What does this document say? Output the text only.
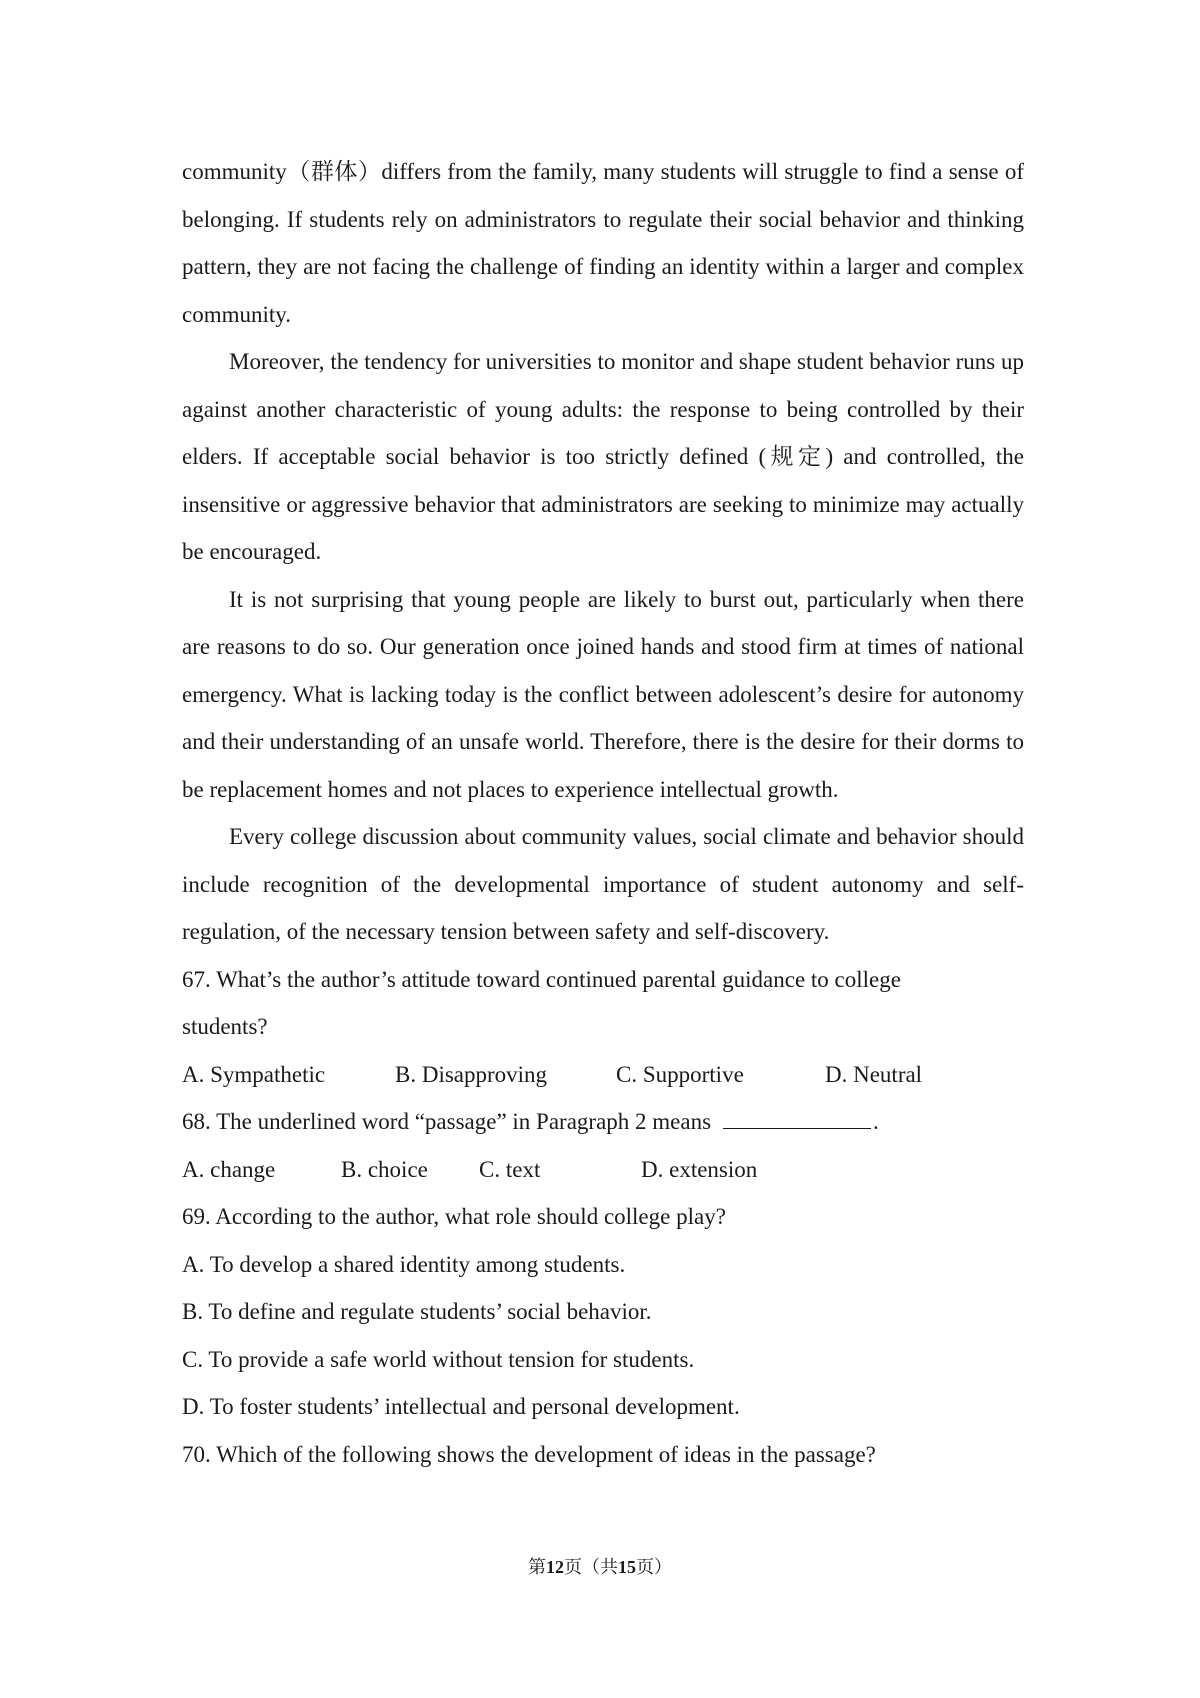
community（群体）differs from the family, many students will struggle to find a sense of belonging. If students rely on administrators to regulate their social behavior and thinking pattern, they are not facing the challenge of finding an identity within a larger and complex community.

Moreover, the tendency for universities to monitor and shape student behavior runs up against another characteristic of young adults: the response to being controlled by their elders. If acceptable social behavior is too strictly defined (规定) and controlled, the insensitive or aggressive behavior that administrators are seeking to minimize may actually be encouraged.

It is not surprising that young people are likely to burst out, particularly when there are reasons to do so. Our generation once joined hands and stood firm at times of national emergency. What is lacking today is the conflict between adolescent’s desire for autonomy and their understanding of an unsafe world. Therefore, there is the desire for their dorms to be replacement homes and not places to experience intellectual growth.

Every college discussion about community values, social climate and behavior should include recognition of the developmental importance of student autonomy and self-regulation, of the necessary tension between safety and self-discovery.

67. What’s the author’s attitude toward continued parental guidance to college

students?

A. Sympathetic	B. Disapproving	C. Supportive	D. Neutral

68. The underlined word “passage” in Paragraph 2 means	.

A. change	B. choice	C. text	D. extension

69. According to the author, what role should college play?

A. To develop a shared identity among students.

B. To define and regulate students’ social behavior.

C. To provide a safe world without tension for students.

D. To foster students’ intellectual and personal development.

70. Which of the following shows the development of ideas in the passage?

第12页（共15页）
